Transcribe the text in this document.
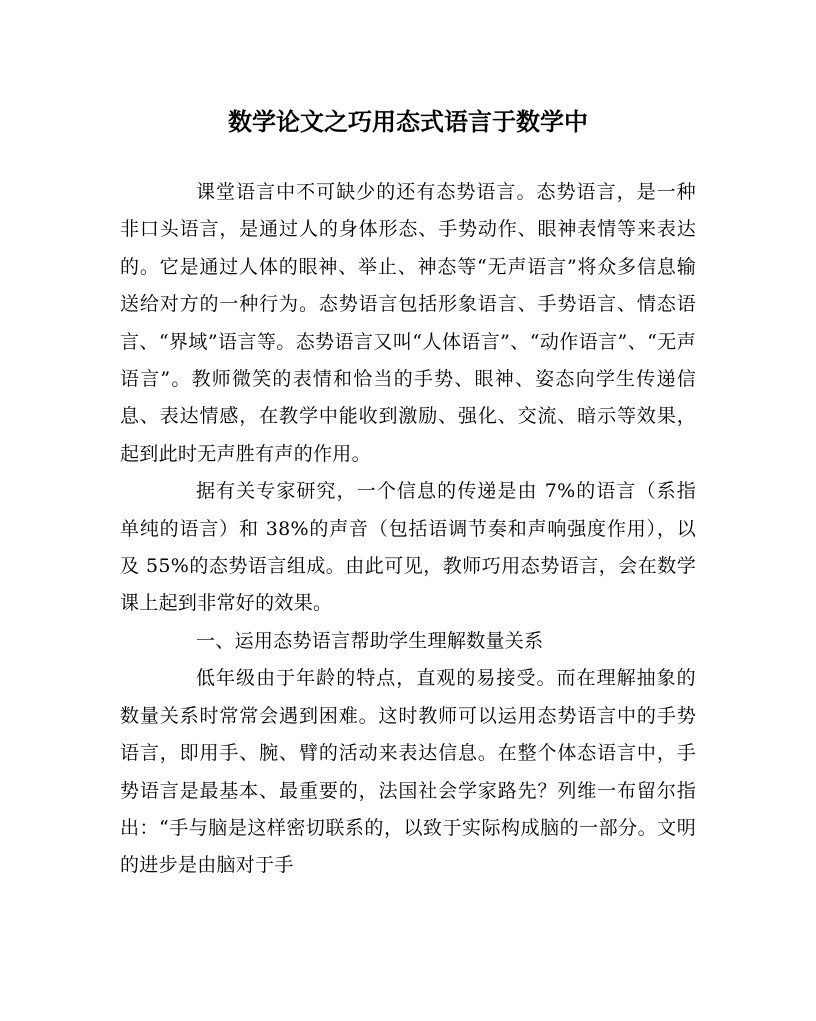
数学论文之巧用态式语言于数学中

课堂语言中不可缺少的还有态势语言。态势语言，是一种非口头语言，是通过人的身体形态、手势动作、眼神表情等来表达的。它是通过人体的眼神、举止、神态等“无声语言”将众多信息输送给对方的一种行为。态势语言包括形象语言、手势语言、情态语言、“界域”语言等。态势语言又叫“人体语言”、“动作语言”、“无声语言”。教师微笑的表情和恰当的手势、眼神、姿态向学生传递信息、表达情感，在教学中能收到激励、强化、交流、暗示等效果，起到此时无声胜有声的作用。

据有关专家研究，一个信息的传递是由 7%的语言（系指单纯的语言）和 38%的声音（包括语调节奏和声响强度作用），以及 55%的态势语言组成。由此可见，教师巧用态势语言，会在数学课上起到非常好的效果。

一、运用态势语言帮助学生理解数量关系

低年级由于年龄的特点，直观的易接受。而在理解抽象的数量关系时常常会遇到困难。这时教师可以运用态势语言中的手势语言，即用手、腕、臂的活动来表达信息。在整个体态语言中，手势语言是最基本、最重要的，法国社会学家路先？列维一布留尔指出：“手与脑是这样密切联系的，以致于实际构成脑的一部分。文明的进步是由脑对于手
